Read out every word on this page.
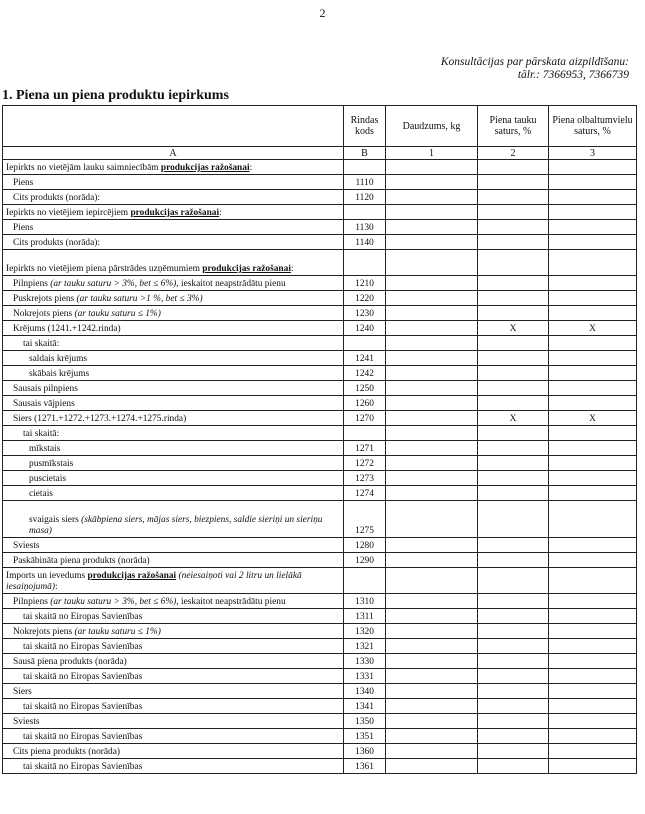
2
Konsultācijas par pārskata aizpildīšanu:
tālr.: 7366953, 7366739
1. Piena un piena produktu iepirkums
	Rindas kods	Daudzums, kg	Piena tauku saturs, %	Piena olbaltumvielu saturs, %
A	B	1	2	3
Iepirkts no vietējām lauku saimniecībām produkcijas ražošanai:				
Piens	1110			
Cits produkts (norāda):	1120			
Iepirkts no vietējiem iepircējiem produkcijas ražošanai:				
Piens	1130			
Cits produkts (norāda):	1140			
Iepirkts no vietējiem piena pārstrādes uzņēmumiem produkcijas ražošanai:				
Pilnpiens (ar tauku saturu > 3%, bet ≤ 6%), ieskaitot neapstrādātu pienu	1210			
Puskrejots piens (ar tauku saturu >1 %, bet ≤ 3%)	1220			
Nokrejots piens (ar tauku saturu ≤ 1%)	1230			
Krējums (1241.+1242.rinda)	1240		X	X
tai skaitā:				
saldais krējums	1241			
skābais krējums	1242			
Sausais pilnpiens	1250			
Sausais vājpiens	1260			
Siers (1271.+1272.+1273.+1274.+1275.rinda)	1270		X	X
tai skaitā:				
mīkstais	1271			
pusmīkstais	1272			
puscietais	1273			
cietais	1274			
svaigais siers (skābpiena siers, mājas siers, biezpiens, saldie sieriņi un sieriņu masa)	1275			
Sviests	1280			
Paskābināta piena produkts (norāda)	1290			
Imports un ievedums produkcijas ražošanai (neiesaiņoti vai 2 litru un lielākā iesaiņojumā):				
Pilnpiens (ar tauku saturu > 3%, bet ≤ 6%), ieskaitot neapstrādātu pienu	1310			
tai skaitā no Eiropas Savienības	1311			
Nokrejots piens (ar tauku saturu ≤ 1%)	1320			
tai skaitā no Eiropas Savienības	1321			
Sausā piena produkts (norāda)	1330			
tai skaitā no Eiropas Savienības	1331			
Siers	1340			
tai skaitā no Eiropas Savienības	1341			
Sviests	1350			
tai skaitā no Eiropas Savienības	1351			
Cits piena produkts (norāda)	1360			
tai skaitā no Eiropas Savienības	1361			
